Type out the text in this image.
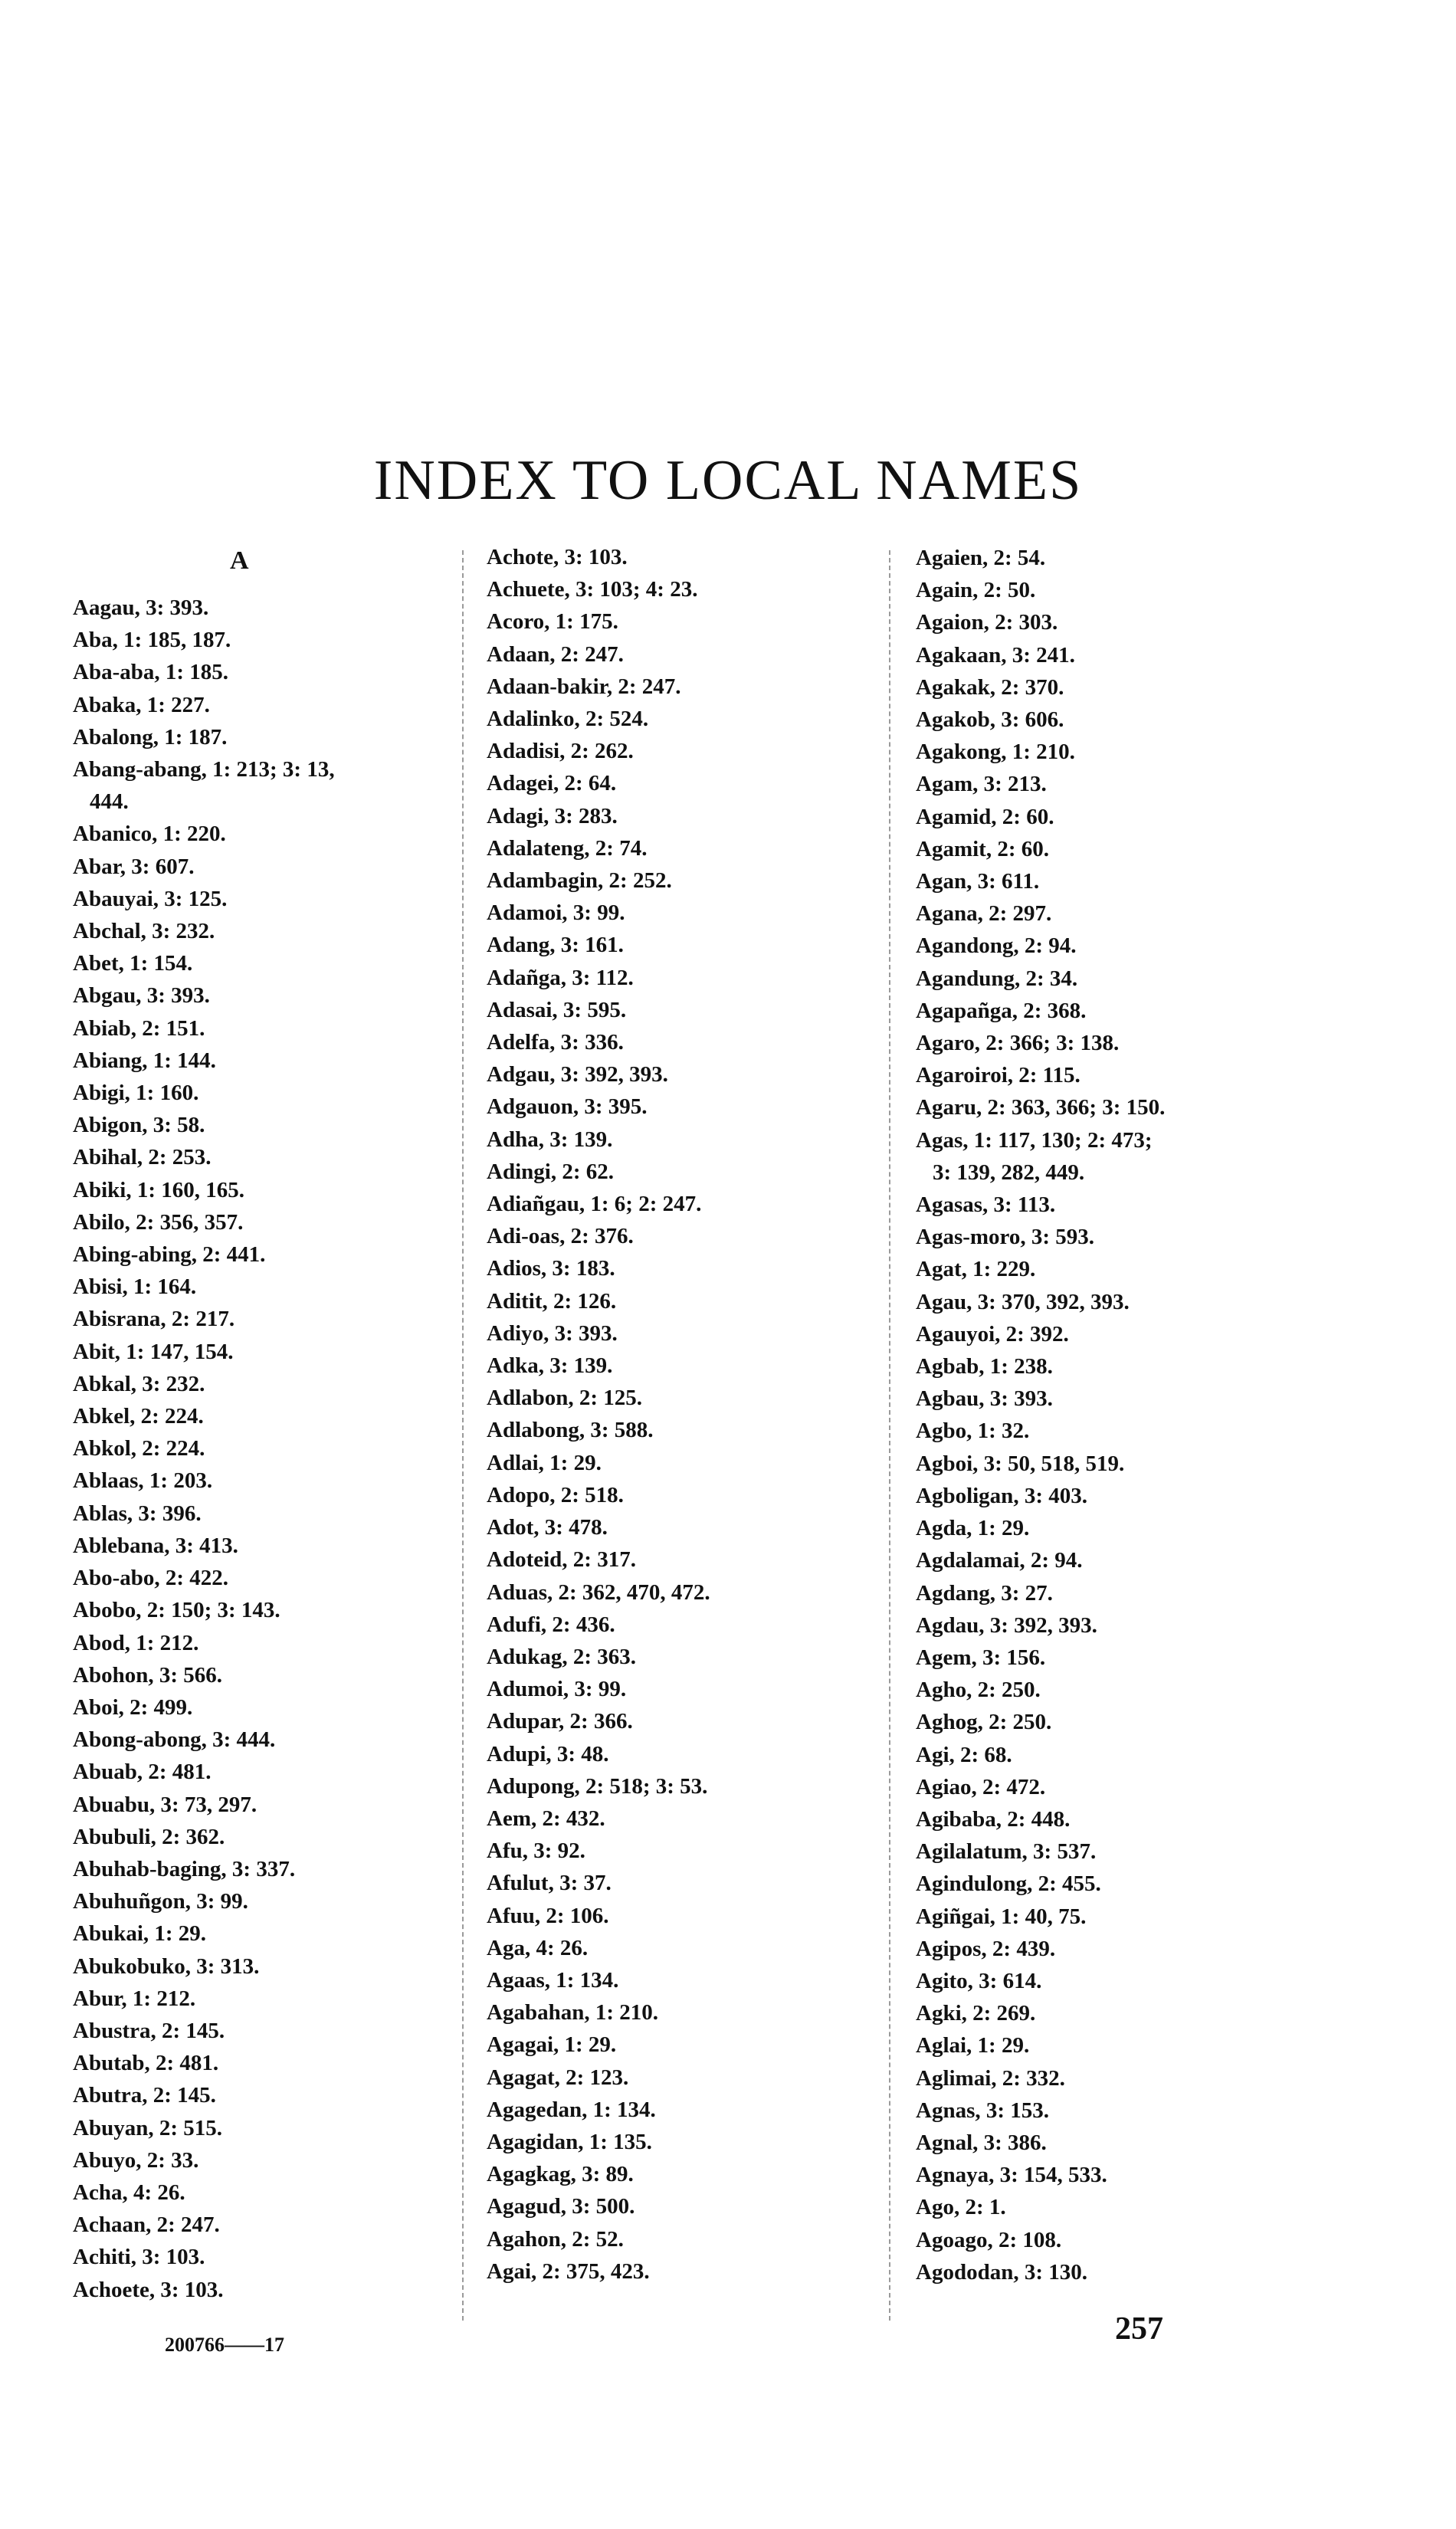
INDEX TO LOCAL NAMES
A
Aagau, 3: 393.
Aba, 1: 185, 187.
Aba-aba, 1: 185.
Abaka, 1: 227.
Abalong, 1: 187.
Abang-abang, 1: 213; 3: 13,
444.
Abanico, 1: 220.
Abar, 3: 607.
Abauyai, 3: 125.
Abchal, 3: 232.
Abet, 1: 154.
Abgau, 3: 393.
Abiab, 2: 151.
Abiang, 1: 144.
Abigi, 1: 160.
Abigon, 3: 58.
Abihal, 2: 253.
Abiki, 1: 160, 165.
Abilo, 2: 356, 357.
Abing-abing, 2: 441.
Abisi, 1: 164.
Abisrana, 2: 217.
Abit, 1: 147, 154.
Abkal, 3: 232.
Abkel, 2: 224.
Abkol, 2: 224.
Ablaas, 1: 203.
Ablas, 3: 396.
Ablebana, 3: 413.
Abo-abo, 2: 422.
Abobo, 2: 150; 3: 143.
Abod, 1: 212.
Abohon, 3: 566.
Aboi, 2: 499.
Abong-abong, 3: 444.
Abuab, 2: 481.
Abuabu, 3: 73, 297.
Abubuli, 2: 362.
Abuhab-baging, 3: 337.
Abuhuñgon, 3: 99.
Abukai, 1: 29.
Abukobuko, 3: 313.
Abur, 1: 212.
Abustra, 2: 145.
Abutab, 2: 481.
Abutra, 2: 145.
Abuyan, 2: 515.
Abuyo, 2: 33.
Acha, 4: 26.
Achaan, 2: 247.
Achiti, 3: 103.
Achoete, 3: 103.
Achote, 3: 103.
Achuete, 3: 103; 4: 23.
Acoro, 1: 175.
Adaan, 2: 247.
Adaan-bakir, 2: 247.
Adalinko, 2: 524.
Adadisi, 2: 262.
Adagei, 2: 64.
Adagi, 3: 283.
Adalateng, 2: 74.
Adambagin, 2: 252.
Adamoi, 3: 99.
Adang, 3: 161.
Adañga, 3: 112.
Adasai, 3: 595.
Adelfa, 3: 336.
Adgau, 3: 392, 393.
Adgauon, 3: 395.
Adha, 3: 139.
Adingi, 2: 62.
Adiañgau, 1: 6; 2: 247.
Adi-oas, 2: 376.
Adios, 3: 183.
Aditit, 2: 126.
Adiyo, 3: 393.
Adka, 3: 139.
Adlabon, 2: 125.
Adlabong, 3: 588.
Adlai, 1: 29.
Adopo, 2: 518.
Adot, 3: 478.
Adoteid, 2: 317.
Aduas, 2: 362, 470, 472.
Adufi, 2: 436.
Adukag, 2: 363.
Adumoi, 3: 99.
Adupar, 2: 366.
Adupi, 3: 48.
Adupong, 2: 518; 3: 53.
Aem, 2: 432.
Afu, 3: 92.
Afulut, 3: 37.
Afuu, 2: 106.
Aga, 4: 26.
Agaas, 1: 134.
Agabahan, 1: 210.
Agagai, 1: 29.
Agagat, 2: 123.
Agagedan, 1: 134.
Agagidan, 1: 135.
Agagkag, 3: 89.
Agagud, 3: 500.
Agahon, 2: 52.
Agai, 2: 375, 423.
Agaien, 2: 54.
Again, 2: 50.
Agaion, 2: 303.
Agakaan, 3: 241.
Agakak, 2: 370.
Agakob, 3: 606.
Agakong, 1: 210.
Agam, 3: 213.
Agamid, 2: 60.
Agamit, 2: 60.
Agan, 3: 611.
Agana, 2: 297.
Agandong, 2: 94.
Agandung, 2: 34.
Agapañga, 2: 368.
Agaro, 2: 366; 3: 138.
Agaroiroi, 2: 115.
Agaru, 2: 363, 366; 3: 150.
Agas, 1: 117, 130; 2: 473;
3: 139, 282, 449.
Agasas, 3: 113.
Agas-moro, 3: 593.
Agat, 1: 229.
Agau, 3: 370, 392, 393.
Agauyoi, 2: 392.
Agbab, 1: 238.
Agbau, 3: 393.
Agbo, 1: 32.
Agboi, 3: 50, 518, 519.
Agboligan, 3: 403.
Agda, 1: 29.
Agdalamai, 2: 94.
Agdang, 3: 27.
Agdau, 3: 392, 393.
Agem, 3: 156.
Agho, 2: 250.
Aghog, 2: 250.
Agi, 2: 68.
Agiao, 2: 472.
Agibaba, 2: 448.
Agilalatum, 3: 537.
Agindulong, 2: 455.
Agiñgai, 1: 40, 75.
Agipos, 2: 439.
Agito, 3: 614.
Agki, 2: 269.
Aglai, 1: 29.
Aglimai, 2: 332.
Agnas, 3: 153.
Agnal, 3: 386.
Agnaya, 3: 154, 533.
Ago, 2: 1.
Agoago, 2: 108.
Agododan, 3: 130.
200766——17	257
